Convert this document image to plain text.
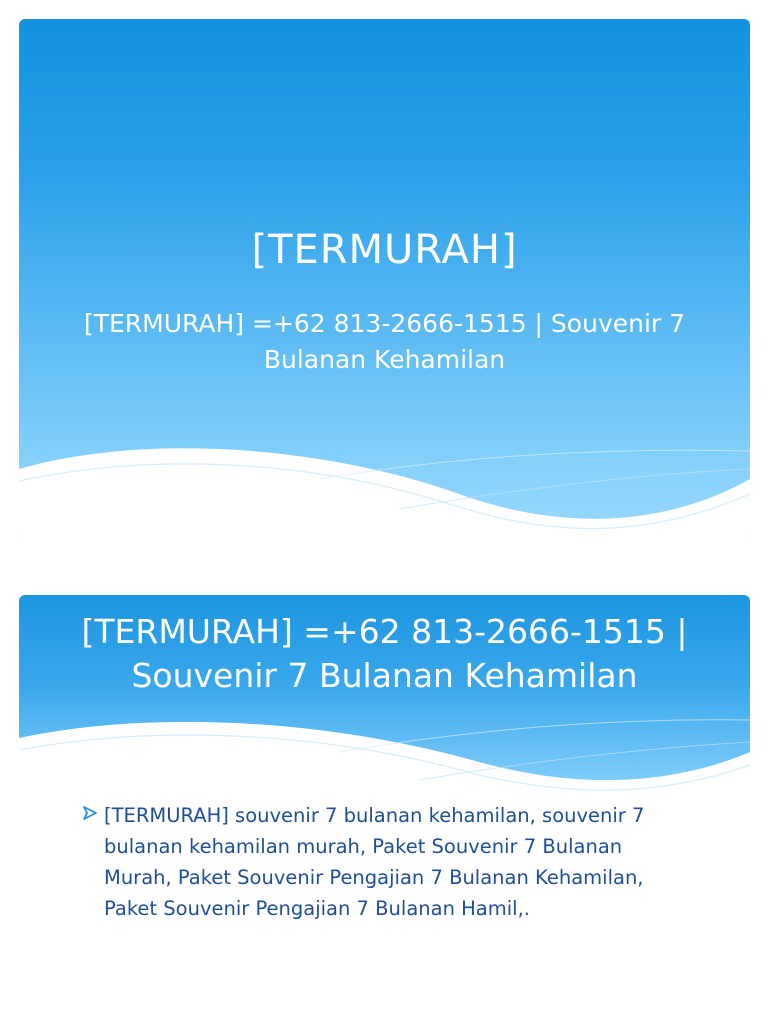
[TERMURAH]
[TERMURAH] =+62 813-2666-1515 | Souvenir 7 Bulanan Kehamilan
[TERMURAH] =+62 813-2666-1515 | Souvenir 7 Bulanan Kehamilan
[TERMURAH] souvenir 7 bulanan kehamilan, souvenir 7 bulanan kehamilan murah, Paket Souvenir 7 Bulanan Murah, Paket Souvenir Pengajian 7 Bulanan Kehamilan, Paket Souvenir Pengajian 7 Bulanan Hamil,.
